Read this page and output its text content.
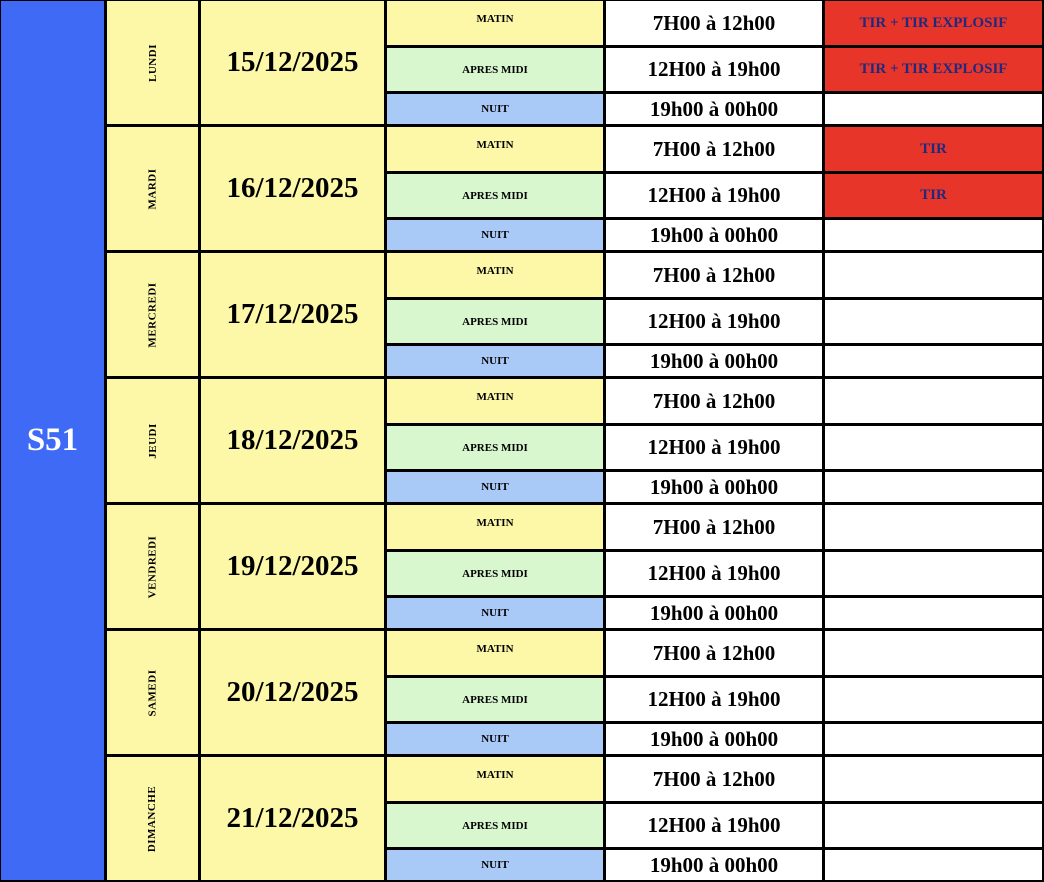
S51
LUNDI	15/12/2025
MATIN	7H00 à 12h00	TIR + TIR EXPLOSIF
APRES MIDI	12H00 à 19h00	TIR + TIR EXPLOSIF
NUIT	19h00 à 00h00
MARDI	16/12/2025
MATIN	7H00 à 12h00	TIR
APRES MIDI	12H00 à 19h00	TIR
NUIT	19h00 à 00h00
MERCREDI	17/12/2025
MATIN	7H00 à 12h00
APRES MIDI	12H00 à 19h00
NUIT	19h00 à 00h00
JEUDI	18/12/2025
MATIN	7H00 à 12h00
APRES MIDI	12H00 à 19h00
NUIT	19h00 à 00h00
VENDREDI	19/12/2025
MATIN	7H00 à 12h00
APRES MIDI	12H00 à 19h00
NUIT	19h00 à 00h00
SAMEDI	20/12/2025
MATIN	7H00 à 12h00
APRES MIDI	12H00 à 19h00
NUIT	19h00 à 00h00
DIMANCHE	21/12/2025
MATIN	7H00 à 12h00
APRES MIDI	12H00 à 19h00
NUIT	19h00 à 00h00
